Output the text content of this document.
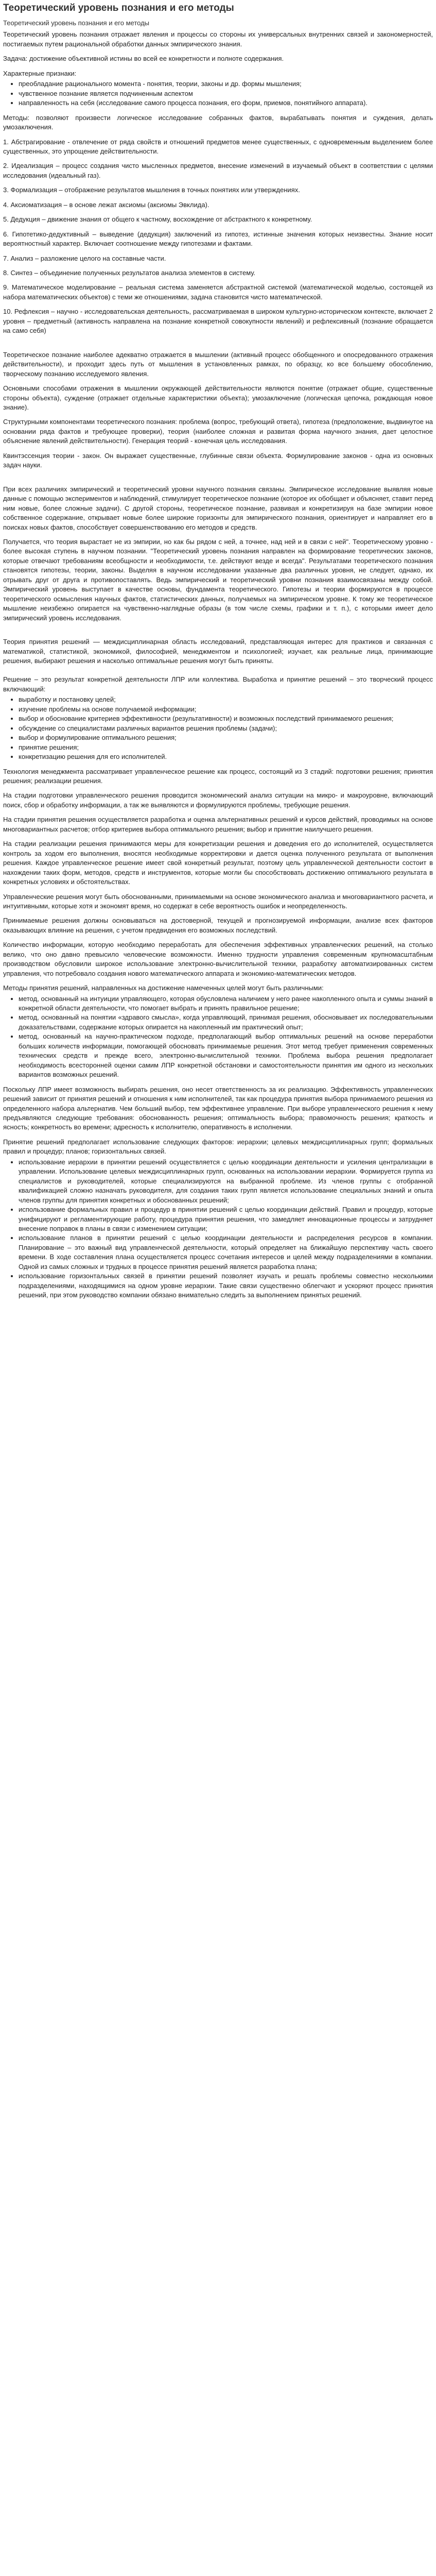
Теоретический уровень познания и его методы

Теоретический уровень познания и его методы

Теоретический уровень познания отражает явления и процессы со стороны их универсальных внутренних связей и закономерностей, постигаемых путем рациональной обработки данных эмпирического знания.

Задача: достижение объективной истины во всей ее конкретности и полноте содержания.

Характерные признаки:

• преобладание рационального момента - понятия, теории, законы и др. формы мышления;
• чувственное познание является подчиненным аспектом
• направленность на себя (исследование самого процесса познания, его форм, приемов, понятийного аппарата).

Методы: позволяют произвести логическое исследование собранных фактов, вырабатывать понятия и суждения, делать умозаключения.

1. Абстрагирование - отвлечение от ряда свойств и отношений предметов менее существенных, с одновременным выделением более существенных, это упрощение действительности.

2. Идеализация – процесс создания чисто мысленных предметов, внесение изменений в изучаемый объект в соответствии с целями исследования (идеальный газ).

3. Формализация – отображение результатов мышления в точных понятиях или утверждениях.

4. Аксиоматизация – в основе лежат аксиомы (аксиомы Эвклида).

5. Дедукция – движение знания от общего к частному, восхождение от абстрактного к конкретному.

6. Гипотетико-дедуктивный – выведение (дедукция) заключений из гипотез, истинные значения которых неизвестны. Знание носит вероятностный характер. Включает соотношение между гипотезами и фактами.

7. Анализ – разложение целого на составные части.

8. Синтез – объединение полученных результатов анализа элементов в систему.

9. Математическое моделирование – реальная система заменяется абстрактной системой (математической моделью, состоящей из набора математических объектов) с теми же отношениями, задача становится чисто математической.

10. Рефлексия – научно - исследовательская деятельность, рассматриваемая в широком культурно-историческом контексте, включает 2 уровня – предметный (активность направлена на познание конкретной совокупности явлений) и рефлексивный (познание обращается на само себя)

Теоретическое познание наиболее адекватно отражается в мышлении (активный процесс обобщенного и опосредованного отражения действительности), и проходит здесь путь от мышления в установленных рамках, по образцу, ко все большему обособлению, творческому познанию исследуемого явления.

Основными способами отражения в мышлении окружающей действительности являются понятие (отражает общие, существенные стороны объекта), суждение (отражает отдельные характеристики объекта); умозаключение (логическая цепочка, рождающая новое знание).

Структурными компонентами теоретического познания: проблема (вопрос, требующий ответа), гипотеза (предположение, выдвинутое на основании ряда фактов и требующее проверки), теория (наиболее сложная и развитая форма научного знания, дает целостное объяснение явлений действительности). Генерация теорий - конечная цель исследования.

Квинтэссенция теории - закон. Он выражает существенные, глубинные связи объекта. Формулирование законов - одна из основных задач науки.

При всех различиях эмпирический и теоретический уровни научного познания связаны. Эмпирическое исследование выявляя новые данные с помощью экспериментов и наблюдений, стимулирует теоретическое познание (которое их обобщает и объясняет, ставит перед ним новые, более сложные задачи). С другой стороны, теоретическое познание, развивая и конкретизируя на базе эмпирии новое собственное содержание, открывает новые более широкие горизонты для эмпирического познания, ориентирует и направляет его в поисках новых фактов, способствует совершенствованию его методов и средств.

Получается, что теория вырастает не из эмпирии, но как бы рядом с ней, а точнее, над ней и в связи с ней". Теоретическому уровню - более высокая ступень в научном познании. "Теоретический уровень познания направлен на формирование теоретических законов, которые отвечают требованиям всеобщности и необходимости, т.е. действуют везде и всегда". Результатами теоретического познания становятся гипотезы, теории, законы. Выделяя в научном исследовании указанные два различных уровня, не следует, однако, их отрывать друг от друга и противопоставлять. Ведь эмпирический и теоретический уровни познания взаимосвязаны между собой. Эмпирический уровень выступает в качестве основы, фундамента теоретического. Гипотезы и теории формируются в процессе теоретического осмысления научных фактов, статистических данных, получаемых на эмпирическом уровне. К тому же теоретическое мышление неизбежно опирается на чувственно-наглядные образы (в том числе схемы, графики и т. п.), с которыми имеет дело эмпирический уровень исследования.

Теория принятия решений — междисциплинарная область исследований, представляющая интерес для практиков и связанная с математикой, статистикой, экономикой, философией, менеджментом и психологией; изучает, как реальные лица, принимающие решения, выбирают решения и насколько оптимальные решения могут быть приняты.

Решение – это результат конкретной деятельности ЛПР или коллектива. Выработка и принятие решений – это творческий процесс включающий:

• выработку и постановку целей;
• изучение проблемы на основе получаемой информации;
• выбор и обоснование критериев эффективности (результативности) и возможных последствий принимаемого решения;
• обсуждение со специалистами различных вариантов решения проблемы (задачи);
• выбор и формулирование оптимального решения;
• принятие решения;
• конкретизацию решения для его исполнителей.

Технология менеджмента рассматривает управленческое решение как процесс, состоящий из 3 стадий: подготовки решения; принятия решения; реализации решения.

На стадии подготовки управленческого решения проводится экономический анализ ситуации на микро- и макроуровне, включающий поиск, сбор и обработку информации, а так же выявляются и формулируются проблемы, требующие решения.

На стадии принятия решения осуществляется разработка и оценка альтернативных решений и курсов действий, проводимых на основе многовариантных расчетов; отбор критериев выбора оптимального решения; выбор и принятие наилучшего решения.

На стадии реализации решения принимаются меры для конкретизации решения и доведения его до исполнителей, осуществляется контроль за ходом его выполнения, вносятся необходимые корректировки и дается оценка полученного результата от выполнения решения. Каждое управленческое решение имеет свой конкретный результат, поэтому цель управленческой деятельности состоит в нахождении таких форм, методов, средств и инструментов, которые могли бы способствовать достижению оптимального результата в конкретных условиях и обстоятельствах.

Управленческие решения могут быть обоснованными, принимаемыми на основе экономического анализа и многовариантного расчета, и интуитивными, которые хотя и экономят время, но содержат в себе вероятность ошибок и неопределенность.

Принимаемые решения должны основываться на достоверной, текущей и прогнозируемой информации, анализе всех факторов оказывающих влияние на решения, с учетом предвидения его возможных последствий.

Количество информации, которую необходимо переработать для обеспечения эффективных управленческих решений, на столько велико, что оно давно превысило человеческие возможности. Именно трудности управления современным крупномасштабным производством обусловили широкое использование электронно-вычислительной техники, разработку автоматизированных систем управления, что потребовало создания нового математического аппарата и экономико-математических методов.

Методы принятия решений, направленных на достижение намеченных целей могут быть различными:

• метод, основанный на интуиции управляющего, которая обусловлена наличием у него ранее накопленного опыта и суммы знаний в конкретной области деятельности, что помогает выбрать и принять правильное решение;
• метод, основанный на понятии «здравого смысла», когда управляющий, принимая решения, обосновывает их последовательными доказательствами, содержание которых опирается на накопленный им практический опыт;
• метод, основанный на научно-практическом подходе, предполагающий выбор оптимальных решений на основе переработки больших количеств информации, помогающей обосновать принимаемые решения. Этот метод требует применения современных технических средств и прежде всего, электронно-вычислительной техники. Проблема выбора решения предполагает необходимость всесторонней оценки самим ЛПР конкретной обстановки и самостоятельности принятия им одного из нескольких вариантов возможных решений.

Поскольку ЛПР имеет возможность выбирать решения, оно несет ответственность за их реализацию. Эффективность управленческих решений зависит от принятия решений и отношения к ним исполнителей, так как процедура принятия выбора принимаемого решения из определенного набора альтернатив. Чем больший выбор, тем эффективнее управление. При выборе управленческого решения к нему предъявляются следующие требования: обоснованность решения; оптимальность выбора; правомочность решения; краткость и ясность; конкретность во времени; адресность к исполнителю, оперативность в исполнении.

Принятие решений предполагает использование следующих факторов: иерархии; целевых междисциплинарных групп; формальных правил и процедур; планов; горизонтальных связей.

• использование иерархии в принятии решений осуществляется с целью координации деятельности и усиления централизации в управлении. Использование целевых междисциплинарных групп, основанных на использовании иерархии. Формируется группа из специалистов и руководителей, которые специализируются на выбранной проблеме. Из членов группы с отобранной квалификацией сложно назначать руководителя, для создания таких групп является использование специальных знаний и опыта членов группы для принятия конкретных и обоснованных решений;
• использование формальных правил и процедур в принятии решений с целью координации действий. Правил и процедур, которые унифицируют и регламентирующие работу, процедура принятия решения, что замедляет инновационные процессы и затрудняет внесение поправок в планы в связи с изменением ситуации;
• использование планов в принятии решений с целью координации деятельности и распределения ресурсов в компании. Планирование – это важный вид управленческой деятельности, который определяет на ближайшую перспективу часть своего времени. В ходе составления плана осуществляется процесс сочетания интересов и целей между подразделениями в компании. Одной из самых сложных и трудных в процессе принятия решений является разработка плана;
• использование горизонтальных связей в принятии решений позволяет изучать и решать проблемы совместно несколькими подразделениями, находящимися на одном уровне иерархии. Такие связи существенно облегчают и ускоряют процесс принятия решений, при этом руководство компании обязано внимательно следить за выполнением принятых решений.
